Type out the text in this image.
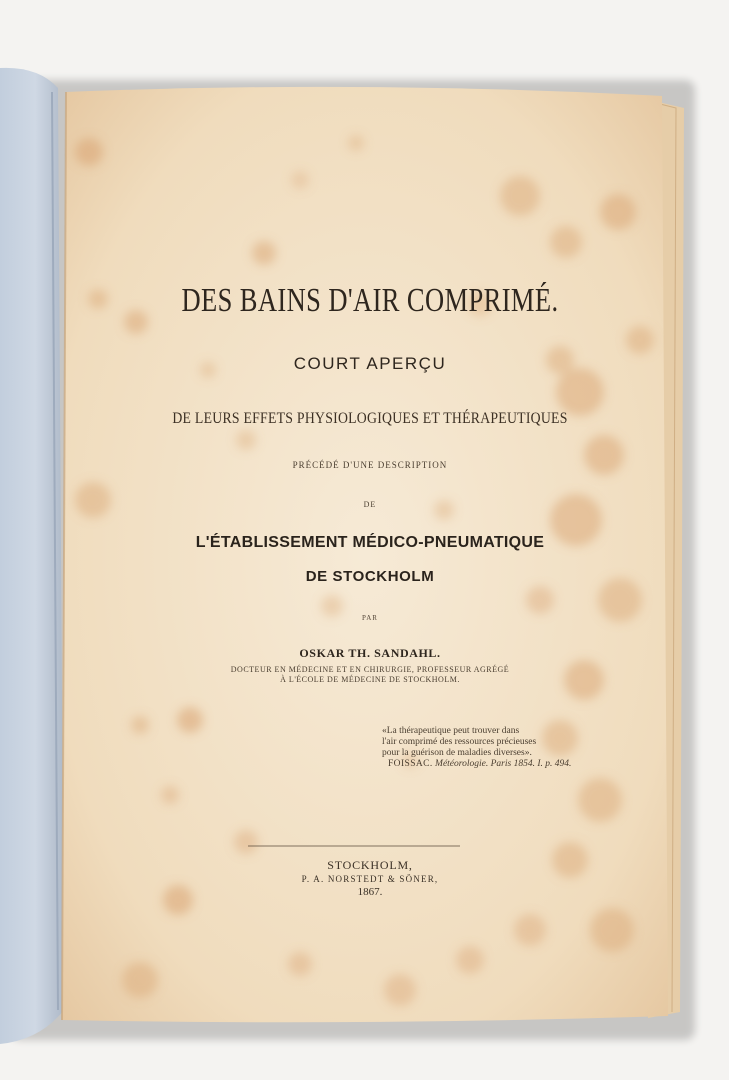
DES BAINS D'AIR COMPRIMÉ.
COURT APERÇU
DE LEURS EFFETS PHYSIOLOGIQUES ET THÉRAPEUTIQUES
PRÉCÉDÉ D'UNE DESCRIPTION
DE
L'ÉTABLISSEMENT MÉDICO-PNEUMATIQUE
DE STOCKHOLM
PAR
OSKAR TH. SANDAHL.
DOCTEUR EN MÉDECINE ET EN CHIRURGIE, PROFESSEUR AGRÉGÉ
À L'ÉCOLE DE MÉDECINE DE STOCKHOLM.
«La thérapeutique peut trouver dans
l'air comprimé des ressources précieuses
pour la guérison de maladies diverses».
FOISSAC. Météorologie. Paris 1854. I. p. 494.
STOCKHOLM,
P. A. NORSTEDT & SÖNER,
1867.
